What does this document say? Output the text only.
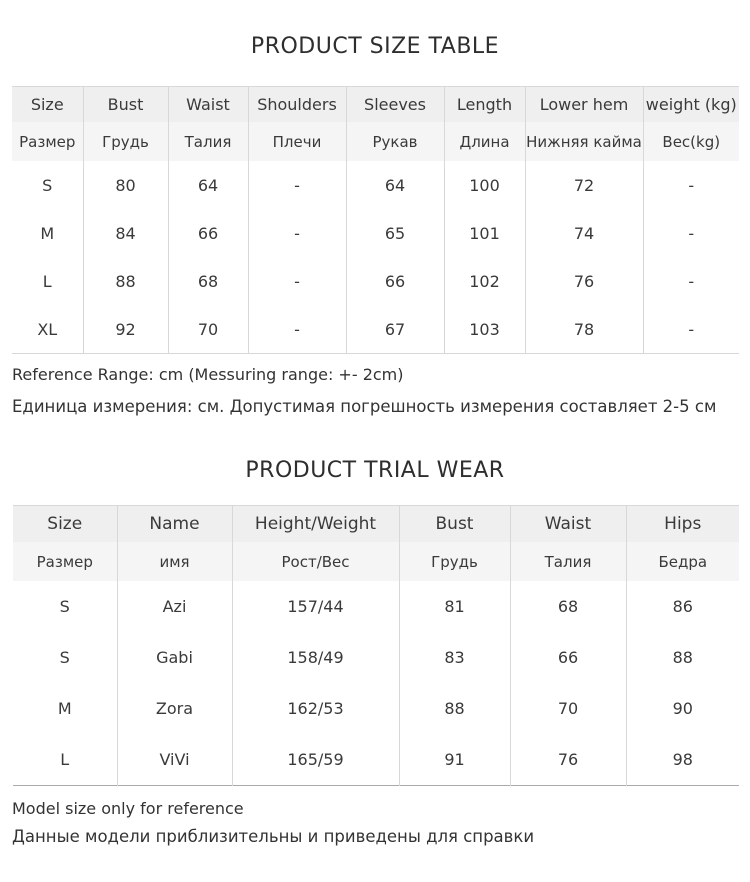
PRODUCT SIZE TABLE
Size	Bust	Waist	Shoulders	Sleeves	Length	Lower hem	weight (kg)
Размер	Грудь	Талия	Плечи	Рукав	Длина	Нижняя кайма	Вес(kg)
S	80	64	-	64	100	72	-
M	84	66	-	65	101	74	-
L	88	68	-	66	102	76	-
XL	92	70	-	67	103	78	-
Reference Range: cm (Messuring range: +- 2cm)
Единица измерения: см. Допустимая погрешность измерения составляет 2-5 см
PRODUCT TRIAL WEAR
Size	Name	Height/Weight	Bust	Waist	Hips
Размер	имя	Рост/Вес	Грудь	Талия	Бедра
S	Azi	157/44	81	68	86
S	Gabi	158/49	83	66	88
M	Zora	162/53	88	70	90
L	ViVi	165/59	91	76	98
Model size only for reference
Данные модели приблизительны и приведены для справки
